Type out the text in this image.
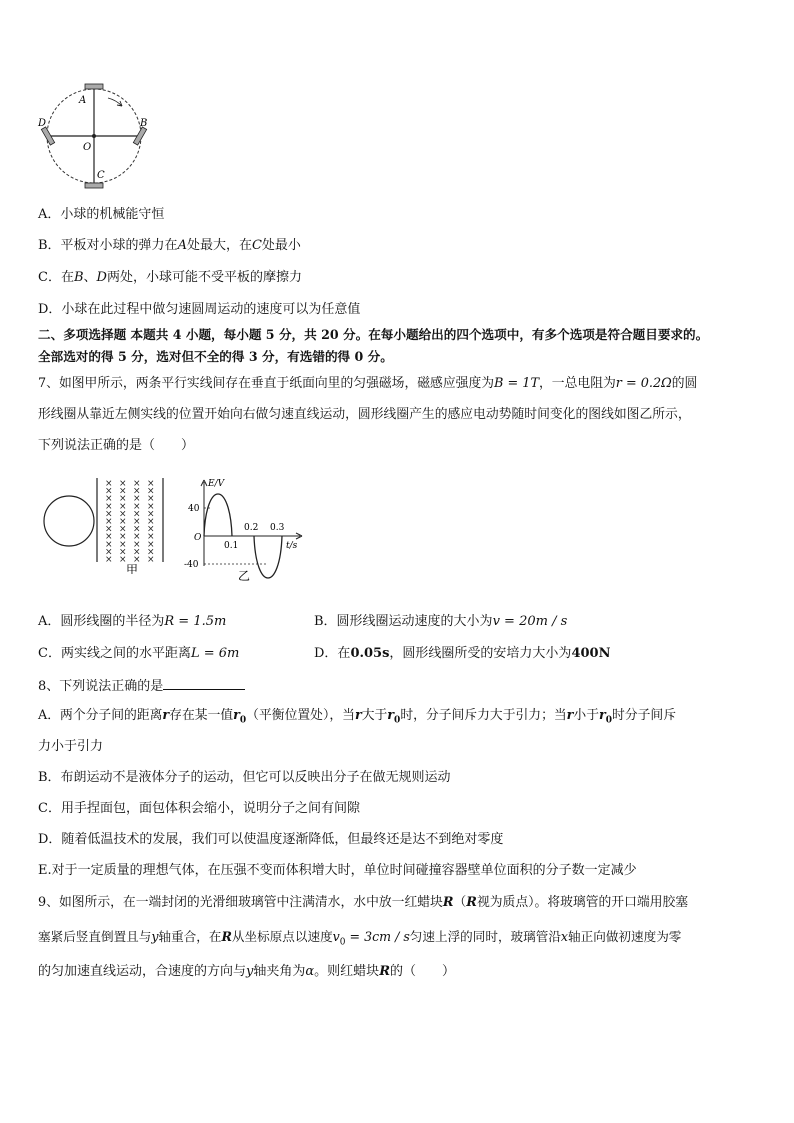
A
B
C
D
O
A．小球的机械能守恒
B．平板对小球的弹力在A处最大，在C处最小
C．在B、D两处，小球可能不受平板的摩擦力
D．小球在此过程中做匀速圆周运动的速度可以为任意值
二、多项选择题 本题共 4 小题，每小题 5 分，共 20 分。在每小题给出的四个选项中，有多个选项是符合题目要求的。
全部选对的得 5 分，选对但不全的得 3 分，有选错的得 0 分。
7、如图甲所示，两条平行实线间存在垂直于纸面向里的匀强磁场，磁感应强度为B = 1T，一总电阻为r = 0.2Ω的圆
形线圈从靠近左侧实线的位置开始向右做匀速直线运动，圆形线圈产生的感应电动势随时间变化的图线如图乙所示，
下列说法正确的是（　　）
× × × ×
× × × ×
× × × ×
× × × ×
× × × ×
× × × ×
× × × ×
× × × ×
× × × ×
× × × ×
× × × ×
甲
E/V
t/s
O
40
-40
0.1
0.2 0.3
乙
A．圆形线圈的半径为R = 1.5m	B．圆形线圈运动速度的大小为v = 20m / s
C．两实线之间的水平距离L = 6m	D．在0.05s，圆形线圈所受的安培力大小为400N
8、下列说法正确的是
A．两个分子间的距离r存在某一值$r_0$（平衡位置处），当r大于$r_0$时，分子间斥力大于引力；当r小于$r_0$时分子间斥
力小于引力
B．布朗运动不是液体分子的运动，但它可以反映出分子在做无规则运动
C．用手捏面包，面包体积会缩小，说明分子之间有间隙
D．随着低温技术的发展，我们可以使温度逐渐降低，但最终还是达不到绝对零度
E.对于一定质量的理想气体，在压强不变而体积增大时，单位时间碰撞容器壁单位面积的分子数一定减少
9、如图所示，在一端封闭的光滑细玻璃管中注满清水，水中放一红蜡块R（R视为质点）。将玻璃管的开口端用胶塞
塞紧后竖直倒置且与y轴重合，在R从坐标原点以速度$v_0 = 3cm / s$匀速上浮的同时，玻璃管沿x轴正向做初速度为零
的匀加速直线运动，合速度的方向与y轴夹角为α。则红蜡块R的（　　）
